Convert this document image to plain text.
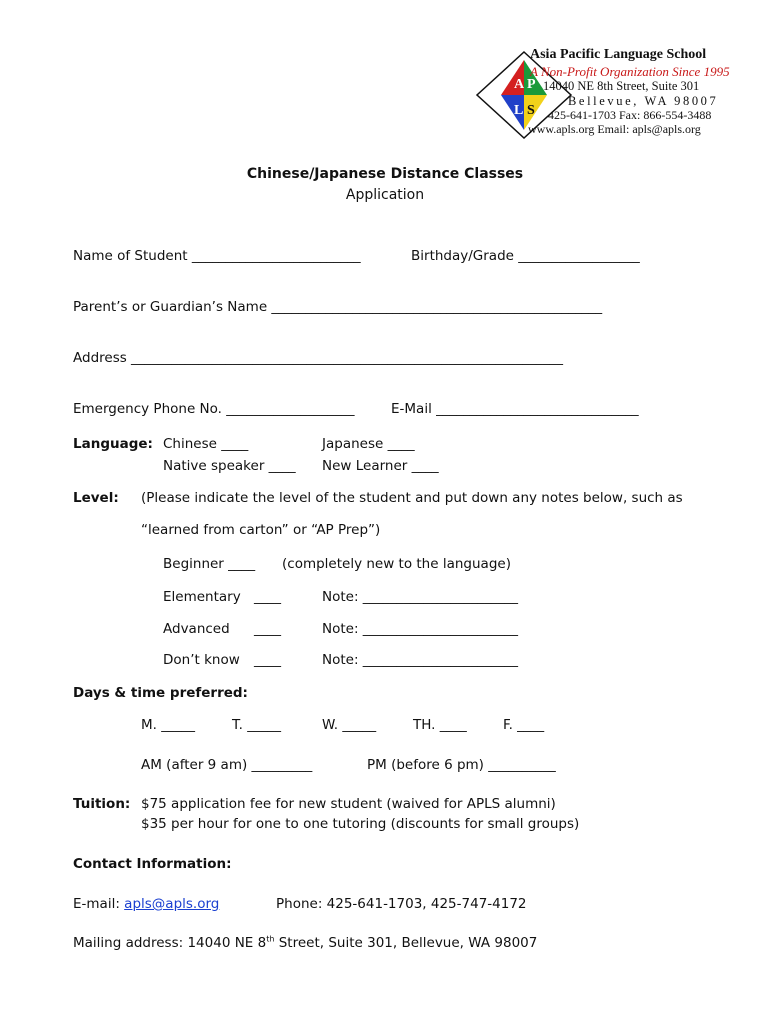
A P
L S
Asia Pacific Language School
A Non-Profit Organization Since 1995
14040 NE 8th Street, Suite 301
Bellevue, WA 98007
425-641-1703 Fax: 866-554-3488
www.apls.org Email: apls@apls.org
Chinese/Japanese Distance Classes
Application
Name of Student _________________________	Birthday/Grade __________________
Parent’s or Guardian’s Name _________________________________________________
Address ________________________________________________________________
Emergency Phone No. ___________________	E-Mail ______________________________
Language: Chinese ____	Japanese ____
Native speaker ____ New Learner ____
Level: (Please indicate the level of the student and put down any notes below, such as
“learned from carton” or “AP Prep”)
Beginner ____ (completely new to the language)
Elementary ____	Note: _______________________
Advanced ____	Note: _______________________
Don’t know ____	Note: _______________________
Days & time preferred:
M. _____	T. _____	W. _____	TH. ____	F. ____
AM (after 9 am) _________	PM (before 6 pm) __________
Tuition: $75 application fee for new student (waived for APLS alumni)
$35 per hour for one to one tutoring (discounts for small groups)
Contact Information:
E-mail: apls@apls.org	Phone: 425-641-1703, 425-747-4172
Mailing address: 14040 NE 8th Street, Suite 301, Bellevue, WA 98007
